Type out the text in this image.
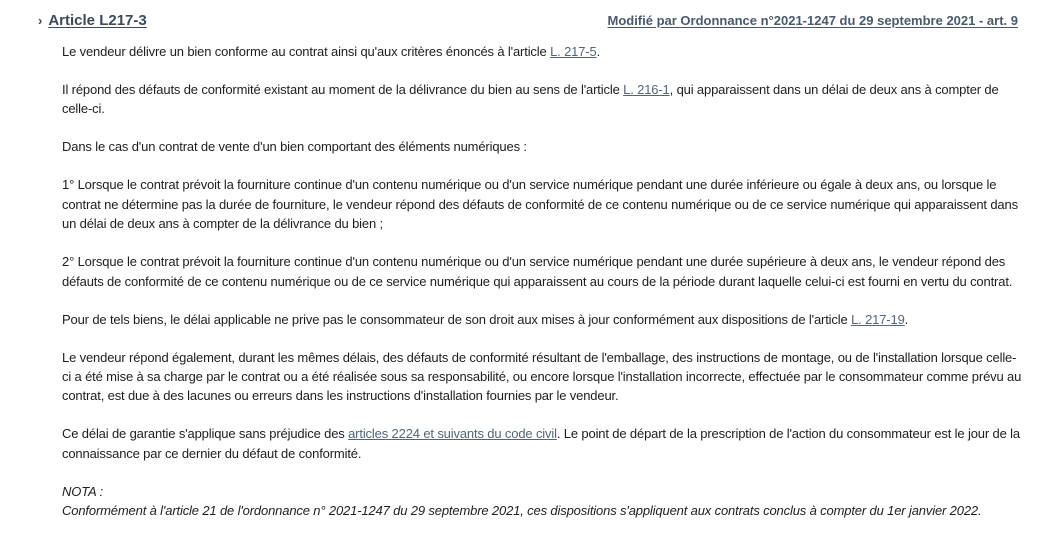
› Article L217-3	Modifié par Ordonnance n°2021-1247 du 29 septembre 2021 - art. 9

Le vendeur délivre un bien conforme au contrat ainsi qu'aux critères énoncés à l'article L. 217-5.

Il répond des défauts de conformité existant au moment de la délivrance du bien au sens de l'article L. 216-1, qui apparaissent dans un délai de deux ans à compter de celle-ci.

Dans le cas d'un contrat de vente d'un bien comportant des éléments numériques :

1° Lorsque le contrat prévoit la fourniture continue d'un contenu numérique ou d'un service numérique pendant une durée inférieure ou égale à deux ans, ou lorsque le contrat ne détermine pas la durée de fourniture, le vendeur répond des défauts de conformité de ce contenu numérique ou de ce service numérique qui apparaissent dans un délai de deux ans à compter de la délivrance du bien ;

2° Lorsque le contrat prévoit la fourniture continue d'un contenu numérique ou d'un service numérique pendant une durée supérieure à deux ans, le vendeur répond des défauts de conformité de ce contenu numérique ou de ce service numérique qui apparaissent au cours de la période durant laquelle celui-ci est fourni en vertu du contrat.

Pour de tels biens, le délai applicable ne prive pas le consommateur de son droit aux mises à jour conformément aux dispositions de l'article L. 217-19.

Le vendeur répond également, durant les mêmes délais, des défauts de conformité résultant de l'emballage, des instructions de montage, ou de l'installation lorsque celle-ci a été mise à sa charge par le contrat ou a été réalisée sous sa responsabilité, ou encore lorsque l'installation incorrecte, effectuée par le consommateur comme prévu au contrat, est due à des lacunes ou erreurs dans les instructions d'installation fournies par le vendeur.

Ce délai de garantie s'applique sans préjudice des articles 2224 et suivants du code civil. Le point de départ de la prescription de l'action du consommateur est le jour de la connaissance par ce dernier du défaut de conformité.

NOTA :
Conformément à l'article 21 de l'ordonnance n° 2021-1247 du 29 septembre 2021, ces dispositions s'appliquent aux contrats conclus à compter du 1er janvier 2022.
